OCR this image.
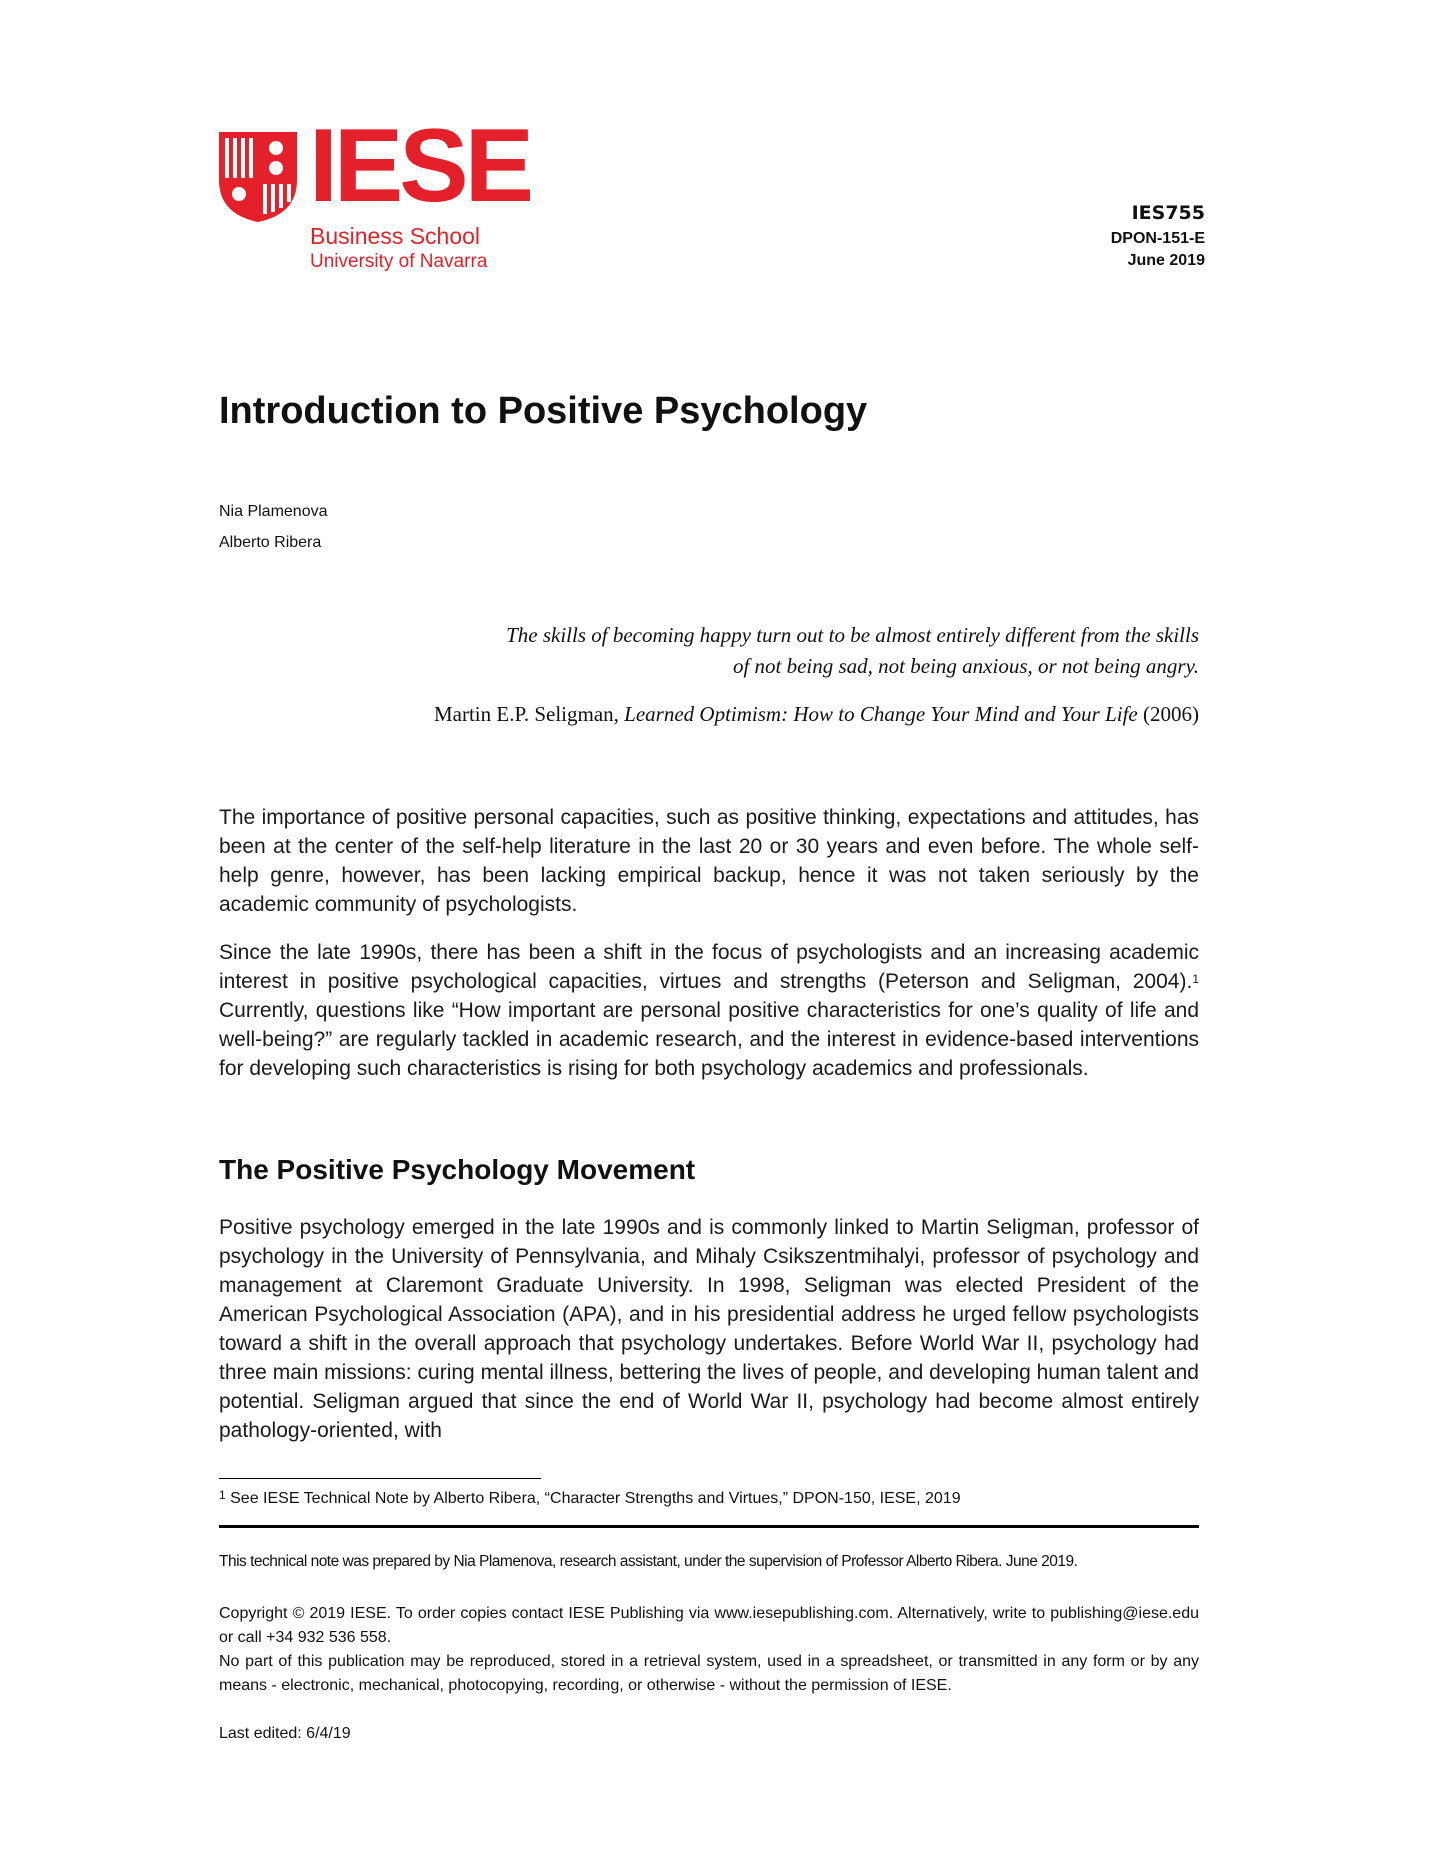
IESE
Business School
University of Navarra
IES755
DPON-151-E
June 2019
Introduction to Positive Psychology
Nia Plamenova
Alberto Ribera
The skills of becoming happy turn out to be almost entirely different from the skills
of not being sad, not being anxious, or not being angry.
Martin E.P. Seligman, Learned Optimism: How to Change Your Mind and Your Life (2006)

The importance of positive personal capacities, such as positive thinking, expectations and attitudes, has been at the center of the self-help literature in the last 20 or 30 years and even before. The whole self-help genre, however, has been lacking empirical backup, hence it was not taken seriously by the academic community of psychologists.

Since the late 1990s, there has been a shift in the focus of psychologists and an increasing academic interest in positive psychological capacities, virtues and strengths (Peterson and Seligman, 2004).$^1$ Currently, questions like “How important are personal positive characteristics for one’s quality of life and well-being?” are regularly tackled in academic research, and the interest in evidence-based interventions for developing such characteristics is rising for both psychology academics and professionals.

The Positive Psychology Movement

Positive psychology emerged in the late 1990s and is commonly linked to Martin Seligman, professor of psychology in the University of Pennsylvania, and Mihaly Csikszentmihalyi, professor of psychology and management at Claremont Graduate University. In 1998, Seligman was elected President of the American Psychological Association (APA), and in his presidential address he urged fellow psychologists toward a shift in the overall approach that psychology undertakes. Before World War II, psychology had three main missions: curing mental illness, bettering the lives of people, and developing human talent and potential. Seligman argued that since the end of World War II, psychology had become almost entirely pathology-oriented, with

$^1$ See IESE Technical Note by Alberto Ribera, “Character Strengths and Virtues,” DPON-150, IESE, 2019
This technical note was prepared by Nia Plamenova, research assistant, under the supervision of Professor Alberto Ribera. June 2019.

Copyright © 2019 IESE. To order copies contact IESE Publishing via www.iesepublishing.com. Alternatively, write to publishing@iese.edu or call +34 932 536 558.

No part of this publication may be reproduced, stored in a retrieval system, used in a spreadsheet, or transmitted in any form or by any means - electronic, mechanical, photocopying, recording, or otherwise - without the permission of IESE.

Last edited: 6/4/19
